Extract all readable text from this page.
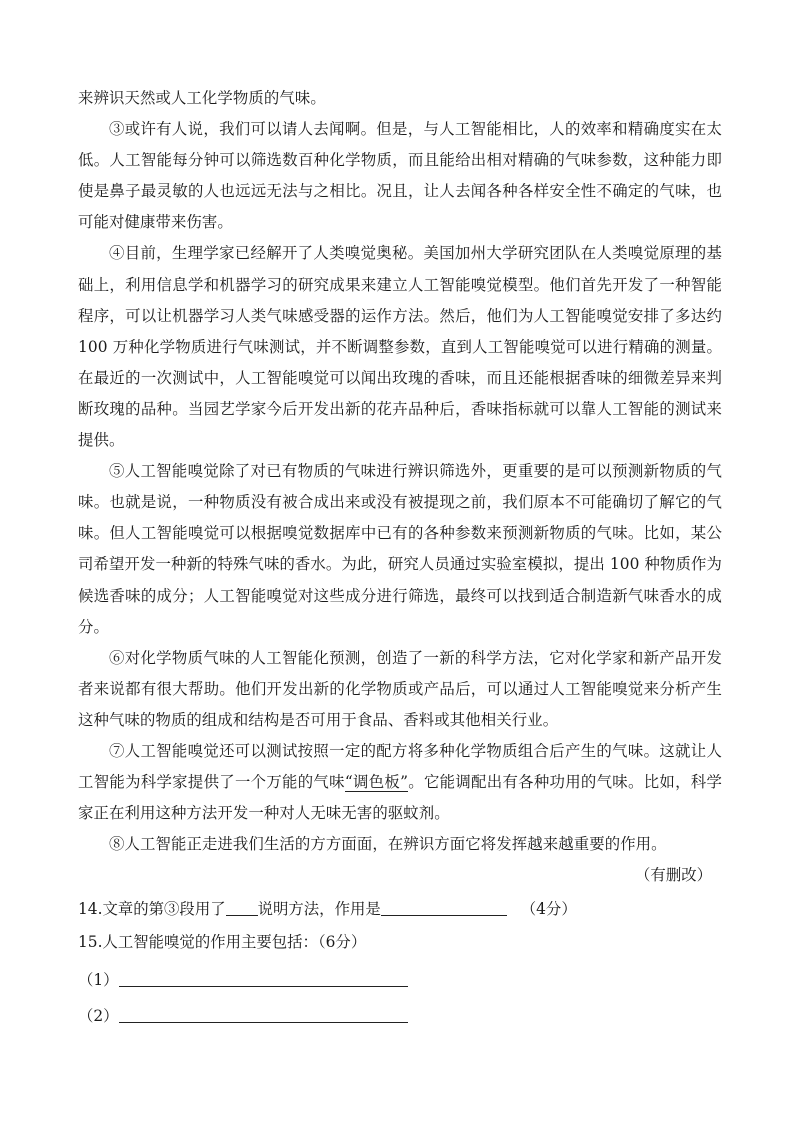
来辨识天然或人工化学物质的气味。

③或许有人说，我们可以请人去闻啊。但是，与人工智能相比，人的效率和精确度实在太低。人工智能每分钟可以筛选数百种化学物质，而且能给出相对精确的气味参数，这种能力即使是鼻子最灵敏的人也远远无法与之相比。况且，让人去闻各种各样安全性不确定的气味，也可能对健康带来伤害。

④目前，生理学家已经解开了人类嗅觉奥秘。美国加州大学研究团队在人类嗅觉原理的基础上，利用信息学和机器学习的研究成果来建立人工智能嗅觉模型。他们首先开发了一种智能程序，可以让机器学习人类气味感受器的运作方法。然后，他们为人工智能嗅觉安排了多达约 100 万种化学物质进行气味测试，并不断调整参数，直到人工智能嗅觉可以进行精确的测量。在最近的一次测试中，人工智能嗅觉可以闻出玫瑰的香味，而且还能根据香味的细微差异来判断玫瑰的品种。当园艺学家今后开发出新的花卉品种后，香味指标就可以靠人工智能的测试来提供。

⑤人工智能嗅觉除了对已有物质的气味进行辨识筛选外，更重要的是可以预测新物质的气味。也就是说，一种物质没有被合成出来或没有被提现之前，我们原本不可能确切了解它的气味。但人工智能嗅觉可以根据嗅觉数据库中已有的各种参数来预测新物质的气味。比如，某公司希望开发一种新的特殊气味的香水。为此，研究人员通过实验室模拟，提出 100 种物质作为候选香味的成分；人工智能嗅觉对这些成分进行筛选，最终可以找到适合制造新气味香水的成分。

⑥对化学物质气味的人工智能化预测，创造了一新的科学方法，它对化学家和新产品开发者来说都有很大帮助。他们开发出新的化学物质或产品后，可以通过人工智能嗅觉来分析产生这种气味的物质的组成和结构是否可用于食品、香料或其他相关行业。

⑦人工智能嗅觉还可以测试按照一定的配方将多种化学物质组合后产生的气味。这就让人工智能为科学家提供了一个万能的气味“调色板”。它能调配出有各种功用的气味。比如，科学家正在利用这种方法开发一种对人无味无害的驱蚊剂。

⑧人工智能正走进我们生活的方方面面，在辨识方面它将发挥越来越重要的作用。

（有删改）

14.文章的第③段用了 说明方法，作用是	（4分）

15.人工智能嗅觉的作用主要包括：（6分）

（1）

（2）
